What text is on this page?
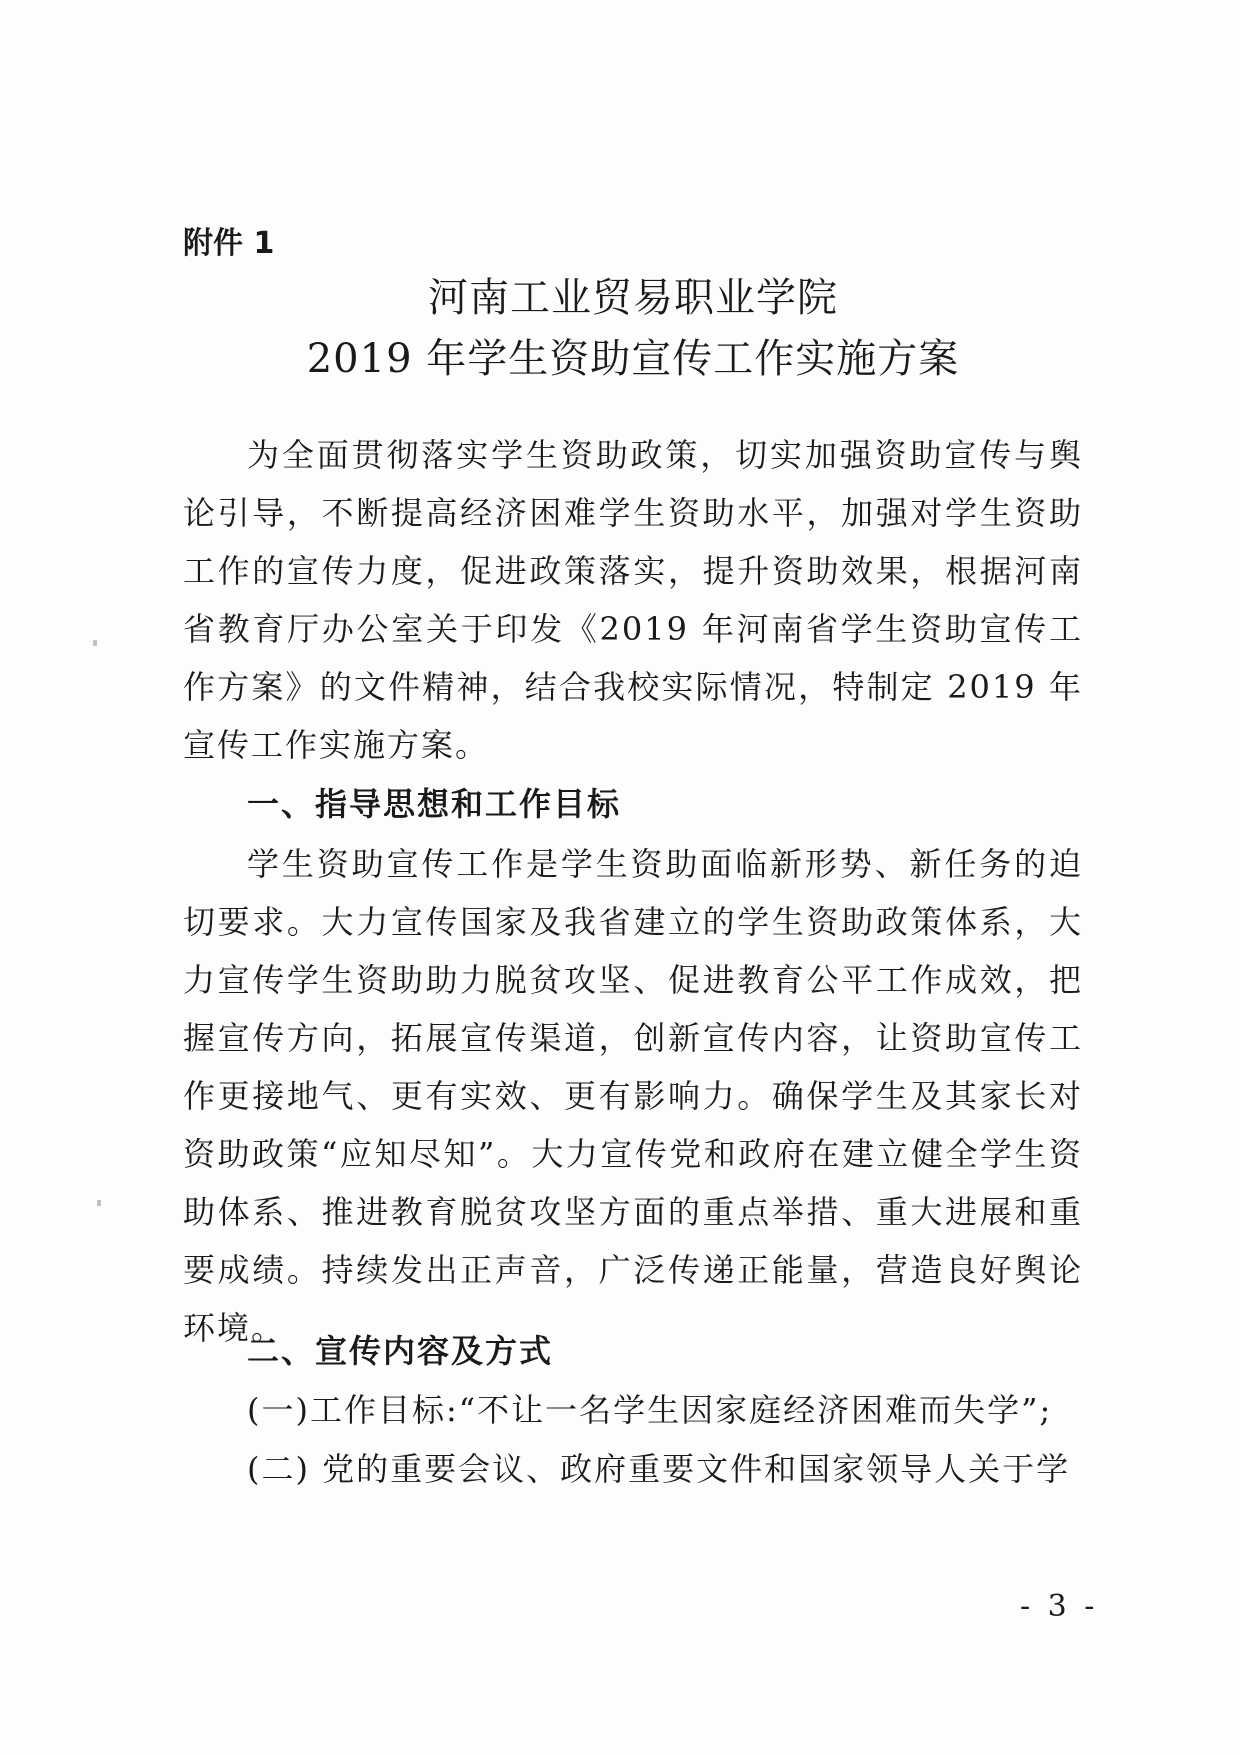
附件 1
河南工业贸易职业学院
2019 年学生资助宣传工作实施方案

为全面贯彻落实学生资助政策，切实加强资助宣传与舆论引导，不断提高经济困难学生资助水平，加强对学生资助工作的宣传力度，促进政策落实，提升资助效果，根据河南省教育厅办公室关于印发《2019 年河南省学生资助宣传工作方案》的文件精神，结合我校实际情况，特制定 2019 年宣传工作实施方案。

一、指导思想和工作目标

学生资助宣传工作是学生资助面临新形势、新任务的迫切要求。大力宣传国家及我省建立的学生资助政策体系，大力宣传学生资助助力脱贫攻坚、促进教育公平工作成效，把握宣传方向，拓展宣传渠道，创新宣传内容，让资助宣传工作更接地气、更有实效、更有影响力。确保学生及其家长对资助政策“应知尽知”。大力宣传党和政府在建立健全学生资助体系、推进教育脱贫攻坚方面的重点举措、重大进展和重要成绩。持续发出正声音，广泛传递正能量，营造良好舆论环境。

二、宣传内容及方式

(一)工作目标:“不让一名学生因家庭经济困难而失学”;

(二) 党的重要会议、政府重要文件和国家领导人关于学

- 3 -
